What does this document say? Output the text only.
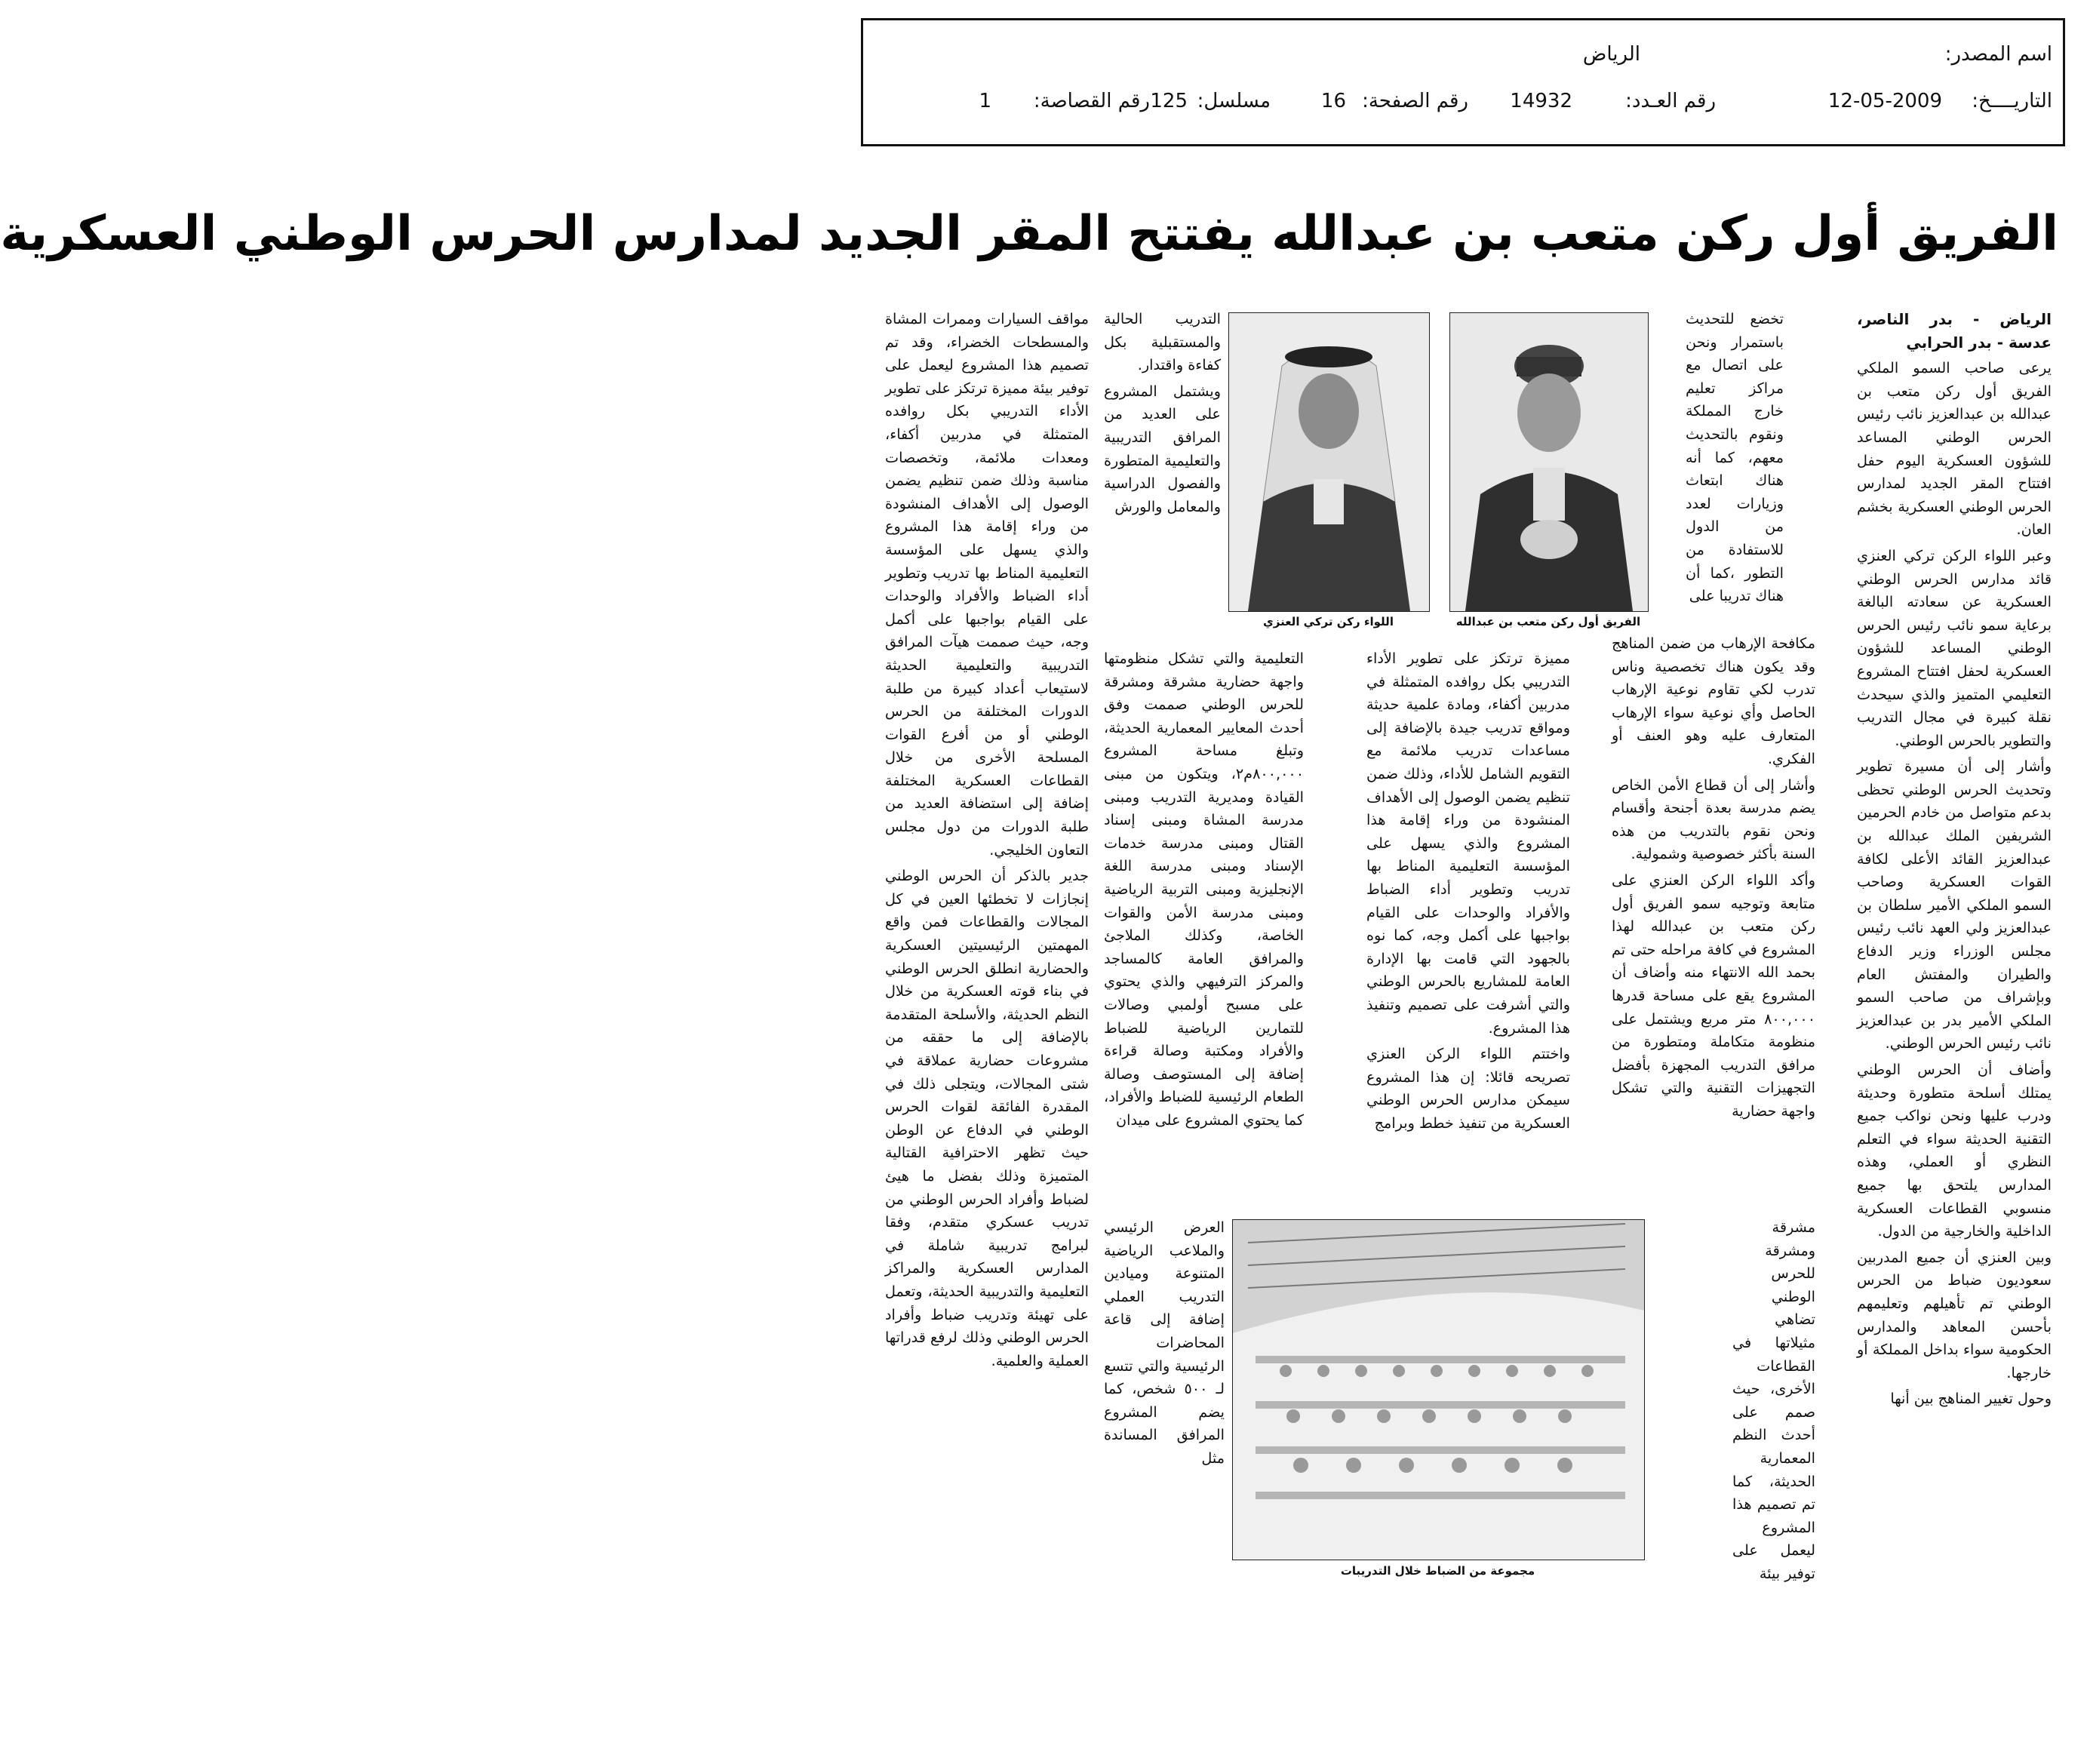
اسم المصدر:
الرياض
التاريــــخ:
12-05-2009
رقم العـدد:
14932
رقم الصفحة:
16
مسلسل:
125
رقم القصاصة:
1
الفريق أول ركن متعب بن عبدالله يفتتح المقر الجديد لمدارس الحرس الوطني العسكرية

الرياض - بدر الناصر، عدسة - بدر الحرابي

يرعى صاحب السمو الملكي الفريق أول ركن متعب بن عبدالله بن عبدالعزيز نائب رئيس الحرس الوطني المساعد للشؤون العسكرية اليوم حفل افتتاح المقر الجديد لمدارس الحرس الوطني العسكرية بخشم العان.

وعبر اللواء الركن تركي العنزي قائد مدارس الحرس الوطني العسكرية عن سعادته البالغة برعاية سمو نائب رئيس الحرس الوطني المساعد للشؤون العسكرية لحفل افتتاح المشروع التعليمي المتميز والذي سيحدث نقلة كبيرة في مجال التدريب والتطوير بالحرس الوطني.

وأشار إلى أن مسيرة تطوير وتحديث الحرس الوطني تحظى بدعم متواصل من خادم الحرمين الشريفين الملك عبدالله بن عبدالعزيز القائد الأعلى لكافة القوات العسكرية وصاحب السمو الملكي الأمير سلطان بن عبدالعزيز ولي العهد نائب رئيس مجلس الوزراء وزير الدفاع والطيران والمفتش العام وبإشراف من صاحب السمو الملكي الأمير بدر بن عبدالعزيز نائب رئيس الحرس الوطني.

وأضاف أن الحرس الوطني يمتلك أسلحة متطورة وحديثة ودرب عليها ونحن نواكب جميع التقنية الحديثة سواء في التعلم النظري أو العملي، وهذه المدارس يلتحق بها جميع منسوبي القطاعات العسكرية الداخلية والخارجية من الدول.

وبين العنزي أن جميع المدربين سعوديون ضباط من الحرس الوطني تم تأهيلهم وتعليمهم بأحسن المعاهد والمدارس الحكومية سواء بداخل المملكة أو خارجها.

وحول تغيير المناهج بين أنها

تخضع للتحديث باستمرار ونحن على اتصال مع مراكز تعليم خارج المملكة ونقوم بالتحديث معهم، كما أنه هناك ابتعاث وزيارات لعدد من الدول للاستفادة من التطور ،كما أن هناك تدريبا على

الفريق أول ركن متعب بن عبدالله
اللواء ركن تركي العنزي

التدريب الحالية والمستقبلية بكل كفاءة واقتدار.

ويشتمل المشروع على العديد من المرافق التدريبية والتعليمية المتطورة والفصول الدراسية والمعامل والورش

مكافحة الإرهاب من ضمن المناهج وقد يكون هناك تخصصية وناس تدرب لكي تقاوم نوعية الإرهاب الحاصل وأي نوعية سواء الإرهاب المتعارف عليه وهو العنف أو الفكري.

وأشار إلى أن قطاع الأمن الخاص يضم مدرسة بعدة أجنحة وأقسام ونحن نقوم بالتدريب من هذه السنة بأكثر خصوصية وشمولية.

وأكد اللواء الركن العنزي على متابعة وتوجيه سمو الفريق أول ركن متعب بن عبدالله لهذا المشروع في كافة مراحله حتى تم بحمد الله الانتهاء منه وأضاف أن المشروع يقع على مساحة قدرها ٨٠٠,٠٠٠ متر مربع ويشتمل على منظومة متكاملة ومتطورة من مرافق التدريب المجهزة بأفضل التجهيزات التقنية والتي تشكل واجهة حضارية

مميزة ترتكز على تطوير الأداء التدريبي بكل روافده المتمثلة في مدربين أكفاء، ومادة علمية حديثة ومواقع تدريب جيدة بالإضافة إلى مساعدات تدريب ملائمة مع التقويم الشامل للأداء، وذلك ضمن تنظيم يضمن الوصول إلى الأهداف المنشودة من وراء إقامة هذا المشروع والذي يسهل على المؤسسة التعليمية المناط بها تدريب وتطوير أداء الضباط والأفراد والوحدات على القيام بواجبها على أكمل وجه، كما نوه بالجهود التي قامت بها الإدارة العامة للمشاريع بالحرس الوطني والتي أشرفت على تصميم وتنفيذ هذا المشروع.

واختتم اللواء الركن العنزي تصريحه قائلا: إن هذا المشروع سيمكن مدارس الحرس الوطني العسكرية من تنفيذ خطط وبرامج

التعليمية والتي تشكل منظومتها واجهة حضارية مشرقة ومشرقة للحرس الوطني صممت وفق أحدث المعايير المعمارية الحديثة، وتبلغ مساحة المشروع ٨٠٠,٠٠٠م٢، ويتكون من مبنى القيادة ومديرية التدريب ومبنى مدرسة المشاة ومبنى إسناد القتال ومبنى مدرسة خدمات الإسناد ومبنى مدرسة اللغة الإنجليزية ومبنى التربية الرياضية ومبنى مدرسة الأمن والقوات الخاصة، وكذلك الملاجئ والمرافق العامة كالمساجد والمركز الترفيهي والذي يحتوي على مسبح أولمبي وصالات للتمارين الرياضية للضباط والأفراد ومكتبة وصالة قراءة إضافة إلى المستوصف وصالة الطعام الرئيسية للضباط والأفراد، كما يحتوي المشروع على ميدان

مشرقة ومشرقة للحرس الوطني تضاهي مثيلاتها في القطاعات الأخرى، حيث صمم على أحدث النظم المعمارية الحديثة، كما تم تصميم هذا المشروع ليعمل على توفير بيئة

مجموعة من الضباط خلال التدريبات

العرض الرئيسي والملاعب الرياضية المتنوعة وميادين التدريب العملي إضافة إلى قاعة المحاضرات الرئيسية والتي تتسع لـ ٥٠٠ شخص، كما يضم المشروع المرافق المساندة مثل

مواقف السيارات وممرات المشاة والمسطحات الخضراء، وقد تم تصميم هذا المشروع ليعمل على توفير بيئة مميزة ترتكز على تطوير الأداء التدريبي بكل روافده المتمثلة في مدربين أكفاء، ومعدات ملائمة، وتخصصات مناسبة وذلك ضمن تنظيم يضمن الوصول إلى الأهداف المنشودة من وراء إقامة هذا المشروع والذي يسهل على المؤسسة التعليمية المناط بها تدريب وتطوير أداء الضباط والأفراد والوحدات على القيام بواجبها على أكمل وجه، حيث صممت هيآت المرافق التدريبية والتعليمية الحديثة لاستيعاب أعداد كبيرة من طلبة الدورات المختلفة من الحرس الوطني أو من أفرع القوات المسلحة الأخرى من خلال القطاعات العسكرية المختلفة إضافة إلى استضافة العديد من طلبة الدورات من دول مجلس التعاون الخليجي.

جدير بالذكر أن الحرس الوطني إنجازات لا تخطئها العين في كل المجالات والقطاعات فمن واقع المهمتين الرئيسيتين العسكرية والحضارية انطلق الحرس الوطني في بناء قوته العسكرية من خلال النظم الحديثة، والأسلحة المتقدمة بالإضافة إلى ما حققه من مشروعات حضارية عملاقة في شتى المجالات، ويتجلى ذلك في المقدرة الفائقة لقوات الحرس الوطني في الدفاع عن الوطن حيث تظهر الاحترافية القتالية المتميزة وذلك بفضل ما هيئ لضباط وأفراد الحرس الوطني من تدريب عسكري متقدم، وفقا لبرامج تدريبية شاملة في المدارس العسكرية والمراكز التعليمية والتدريبية الحديثة، وتعمل على تهيئة وتدريب ضباط وأفراد الحرس الوطني وذلك لرفع قدراتها العملية والعلمية.
